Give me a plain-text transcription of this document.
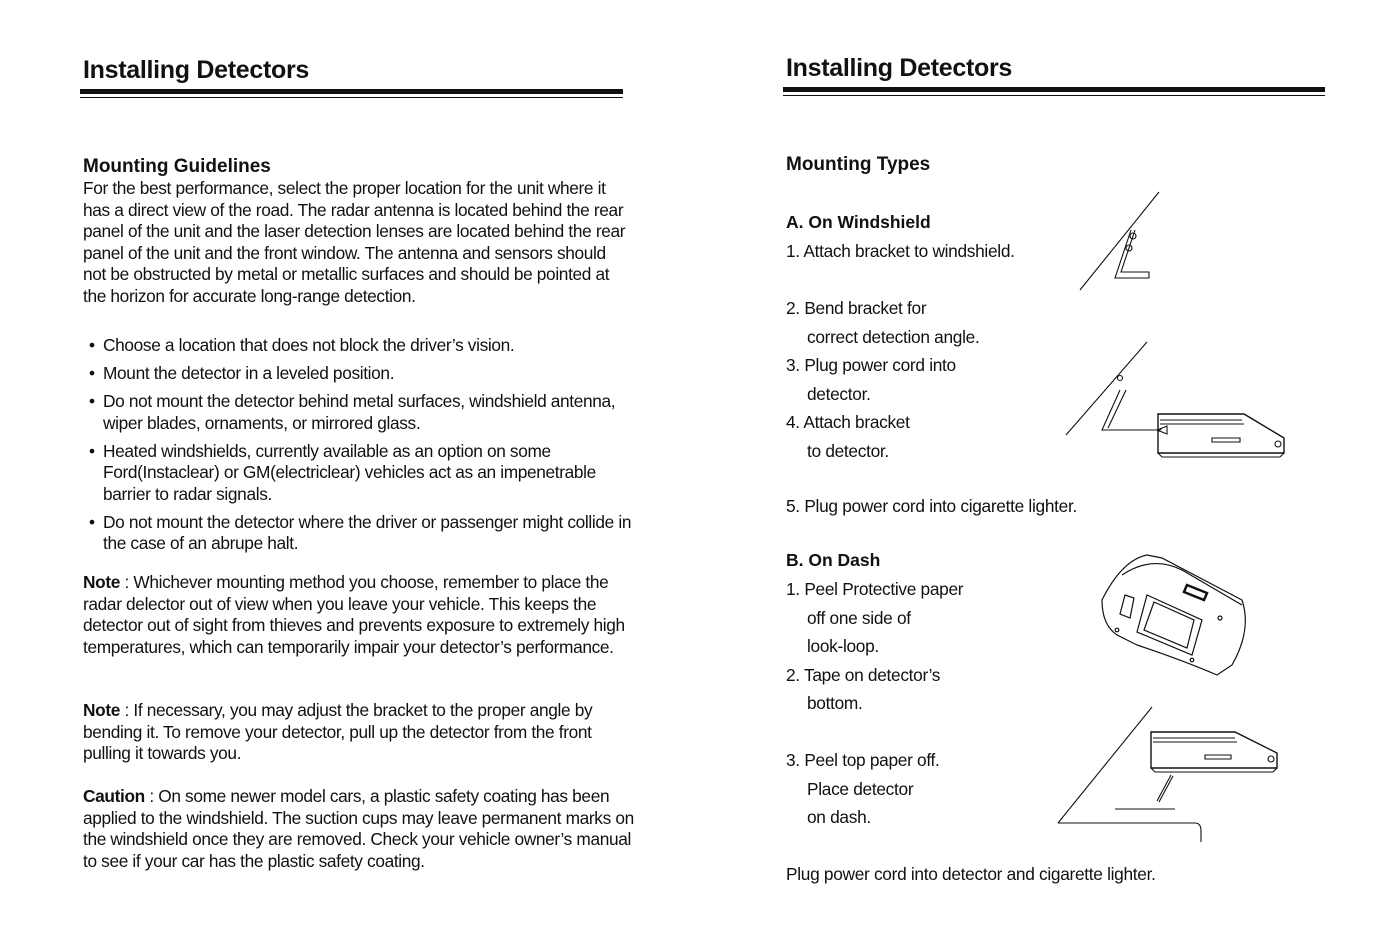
Installing Detectors
Mounting Guidelines

For the best performance, select the proper location for the unit where it has a direct view of the road. The radar antenna is located behind the rear panel of the unit and the laser detection lenses are located behind the rear panel of the unit and the front window. The antenna and sensors should not be obstructed by metal or metallic surfaces and should be pointed at the horizon for accurate long-range detection.

• Choose a location that does not block the driver’s vision.
• Mount the detector in a leveled position.
• Do not mount the detector behind metal surfaces, windshield antenna, wiper blades, ornaments, or mirrored glass.
• Heated windshields, currently available as an option on some Ford(Instaclear) or GM(electriclear) vehicles act as an impenetrable barrier to radar signals.
• Do not mount the detector where the driver or passenger might collide in the case of an abrupe halt.

Note : Whichever mounting method you choose, remember to place the radar delector out of view when you leave your vehicle. This keeps the detector out of sight from thieves and prevents exposure to extremely high temperatures, which can temporarily impair your detector’s performance.

Note : If necessary, you may adjust the bracket to the proper angle by bending it. To remove your detector, pull up the detector from the front pulling it towards you.

Caution : On some newer model cars, a plastic safety coating has been applied to the windshield. The suction cups may leave permanent marks on the windshield once they are removed. Check your vehicle owner’s manual to see if your car has the plastic safety coating.

Installing Detectors
Mounting Types
A. On Windshield
1. Attach bracket to windshield.
2. Bend bracket for
correct detection angle.
3. Plug power cord into
detector.
4. Attach bracket
to detector.
5. Plug power cord into cigarette lighter.
B. On Dash
1. Peel Protective paper
off one side of
look-loop.
2. Tape on detector’s
bottom.
3. Peel top paper off.
Place detector
on dash.
Plug power cord into detector and cigarette lighter.
